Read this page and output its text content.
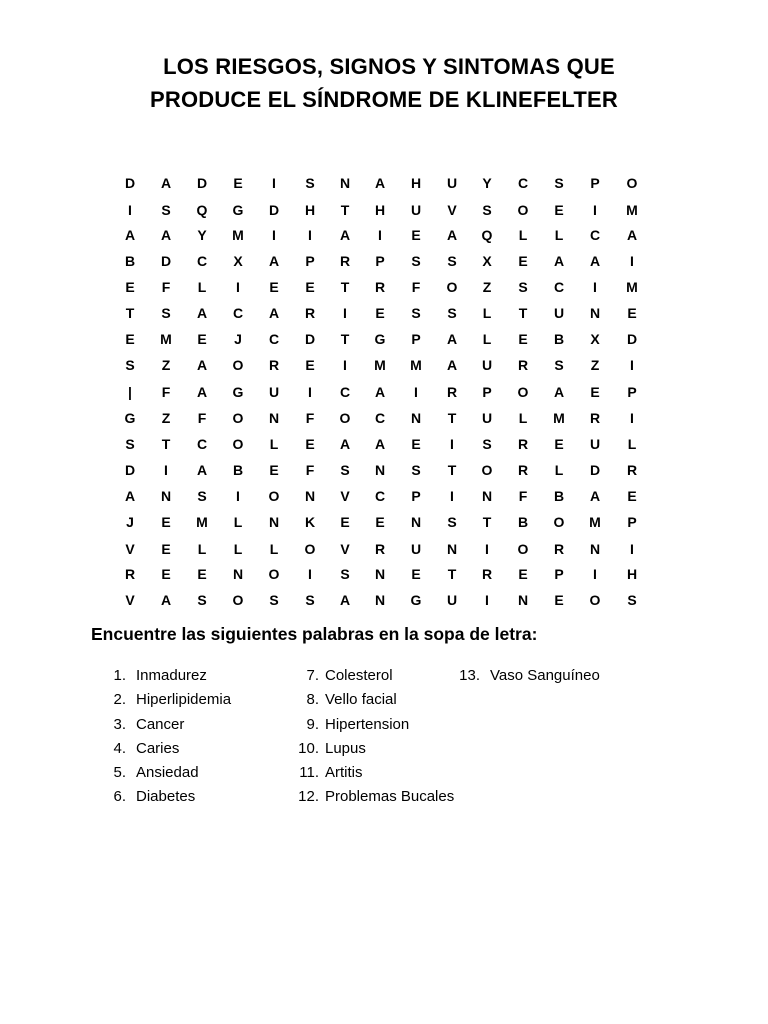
LOS RIESGOS, SIGNOS Y SINTOMAS QUE
PRODUCE EL SÍNDROME DE KLINEFELTER
D	A	D	E	I	S	N	A	H	U	Y	C	S	P	O
I	S	Q	G	D	H	T	H	U	V	S	O	E	I	M
A	A	Y	M	I	I	A	I	E	A	Q	L	L	C	A
B	D	C	X	A	P	R	P	S	S	X	E	A	A	I
E	F	L	I	E	E	T	R	F	O	Z	S	C	I	M
T	S	A	C	A	R	I	E	S	S	L	T	U	N	E
E	M	E	J	C	D	T	G	P	A	L	E	B	X	D
S	Z	A	O	R	E	I	M	M	A	U	R	S	Z	I
|	F	A	G	U	I	C	A	I	R	P	O	A	E	P
G	Z	F	O	N	F	O	C	N	T	U	L	M	R	I
S	T	C	O	L	E	A	A	E	I	S	R	E	U	L
D	I	A	B	E	F	S	N	S	T	O	R	L	D	R
A	N	S	I	O	N	V	C	P	I	N	F	B	A	E
J	E	M	L	N	K	E	E	N	S	T	B	O	M	P
V	E	L	L	L	O	V	R	U	N	I	O	R	N	I
R	E	E	N	O	I	S	N	E	T	R	E	P	I	H
V	A	S	O	S	S	A	N	G	U	I	N	E	O	S
Encuentre las siguientes palabras en la sopa de letra:
1. Inmadurez
2. Hiperlipidemia
3. Cancer
4. Caries
5. Ansiedad
6. Diabetes
7. Colesterol
8. Vello facial
9. Hipertension
10. Lupus
11. Artitis
12. Problemas Bucales
13. Vaso Sanguíneo
